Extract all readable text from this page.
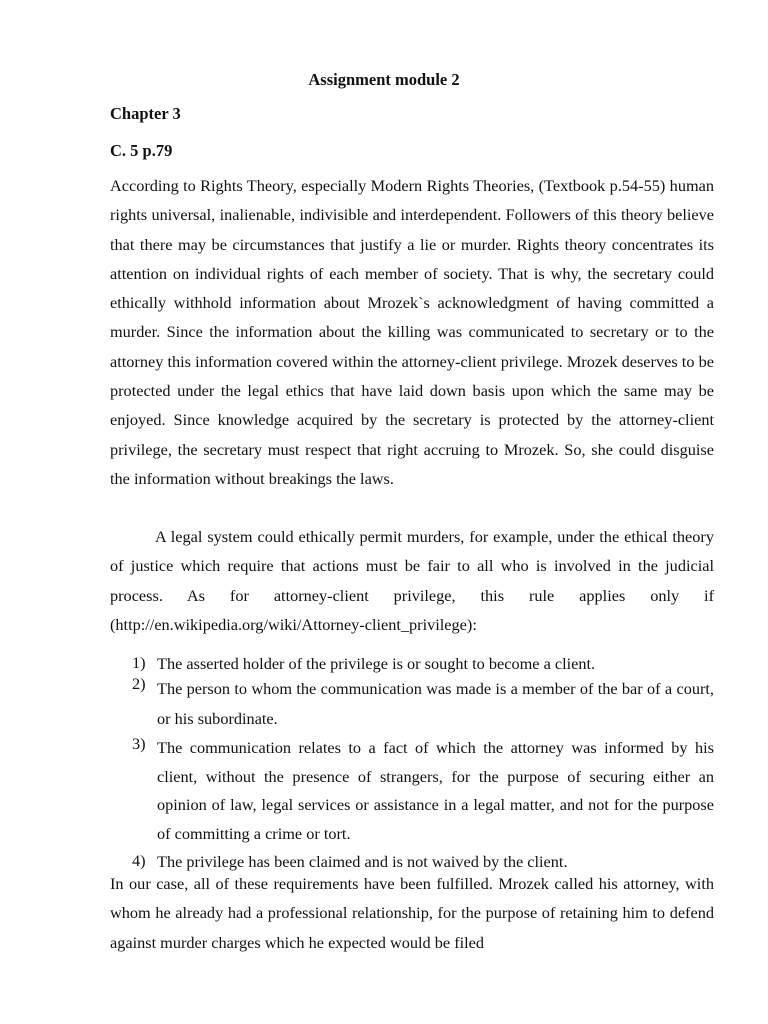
Assignment module 2
Chapter 3
C. 5 p.79

According to Rights Theory, especially Modern Rights Theories, (Textbook p.54-55) human rights universal, inalienable, indivisible and interdependent. Followers of this theory believe that there may be circumstances that justify a lie or murder. Rights theory concentrates its attention on individual rights of each member of society. That is why, the secretary could ethically withhold information about Mrozek`s acknowledgment of having committed a murder. Since the information about the killing was communicated to secretary or to the attorney this information covered within the attorney-client privilege. Mrozek deserves to be protected under the legal ethics that have laid down basis upon which the same may be enjoyed. Since knowledge acquired by the secretary is protected by the attorney-client privilege, the secretary must respect that right accruing to Mrozek. So, she could disguise the information without breakings the laws.

A legal system could ethically permit murders, for example, under the ethical theory of justice which require that actions must be fair to all who is involved in the judicial process. As for attorney-client privilege, this rule applies only if (http://en.wikipedia.org/wiki/Attorney-client_privilege):

1) The asserted holder of the privilege is or sought to become a client.
2) The person to whom the communication was made is a member of the bar of a court, or his subordinate.
3) The communication relates to a fact of which the attorney was informed by his client, without the presence of strangers, for the purpose of securing either an opinion of law, legal services or assistance in a legal matter, and not for the purpose of committing a crime or tort.
4) The privilege has been claimed and is not waived by the client.

In our case, all of these requirements have been fulfilled. Mrozek called his attorney, with whom he already had a professional relationship, for the purpose of retaining him to defend against murder charges which he expected would be filed
